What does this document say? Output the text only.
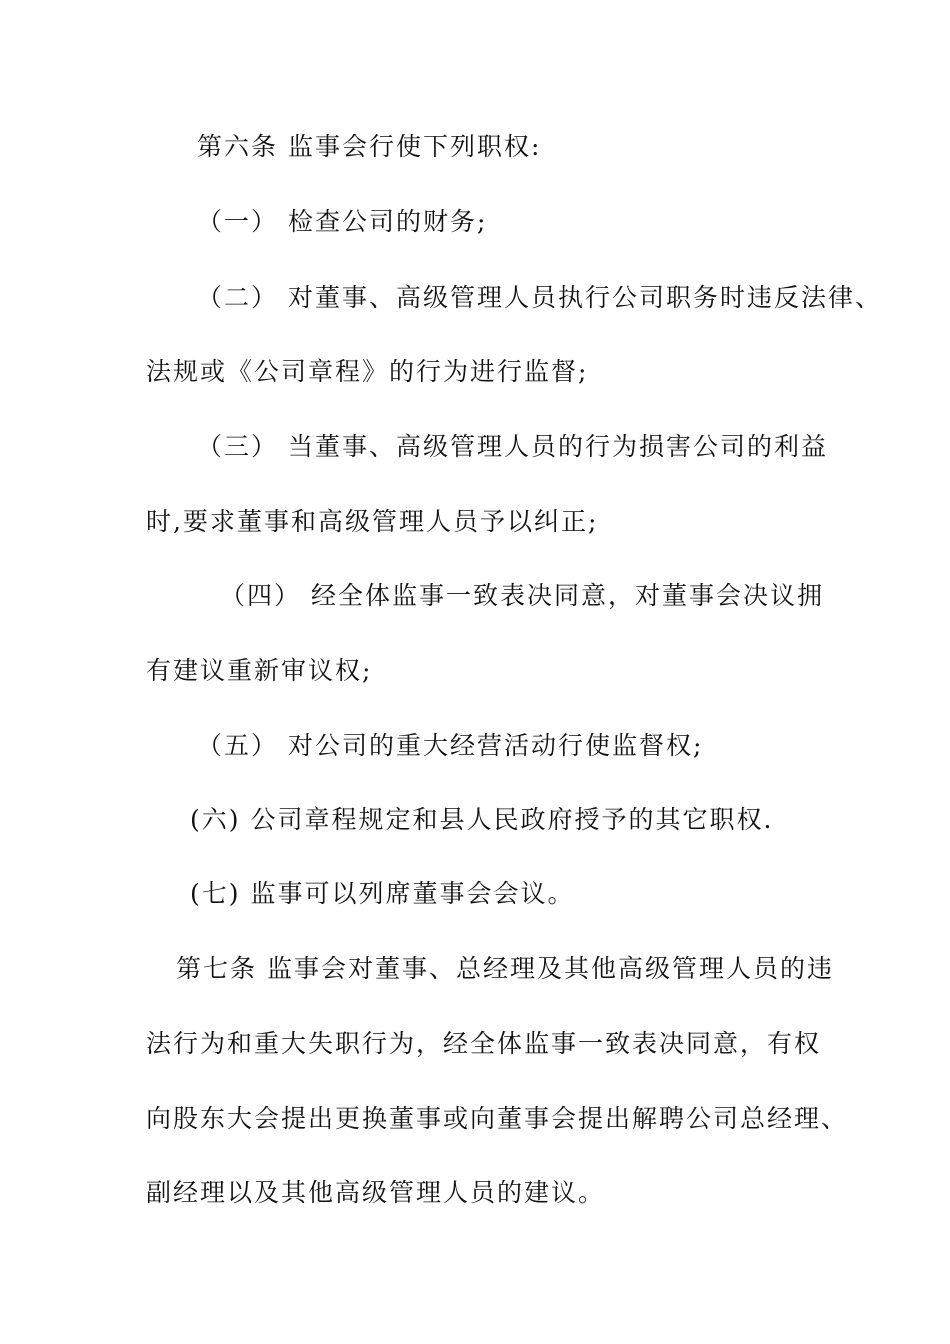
第六条 监事会行使下列职权:
（一） 检查公司的财务;
（二） 对董事、高级管理人员执行公司职务时违反法律、
法规或《公司章程》的行为进行监督;
（三） 当董事、高级管理人员的行为损害公司的利益
时,要求董事和高级管理人员予以纠正;
（四） 经全体监事一致表决同意，对董事会决议拥
有建议重新审议权;
（五） 对公司的重大经营活动行使监督权;
(六) 公司章程规定和县人民政府授予的其它职权.
(七) 监事可以列席董事会会议。
第七条 监事会对董事、总经理及其他高级管理人员的违
法行为和重大失职行为，经全体监事一致表决同意，有权
向股东大会提出更换董事或向董事会提出解聘公司总经理、
副经理以及其他高级管理人员的建议。
